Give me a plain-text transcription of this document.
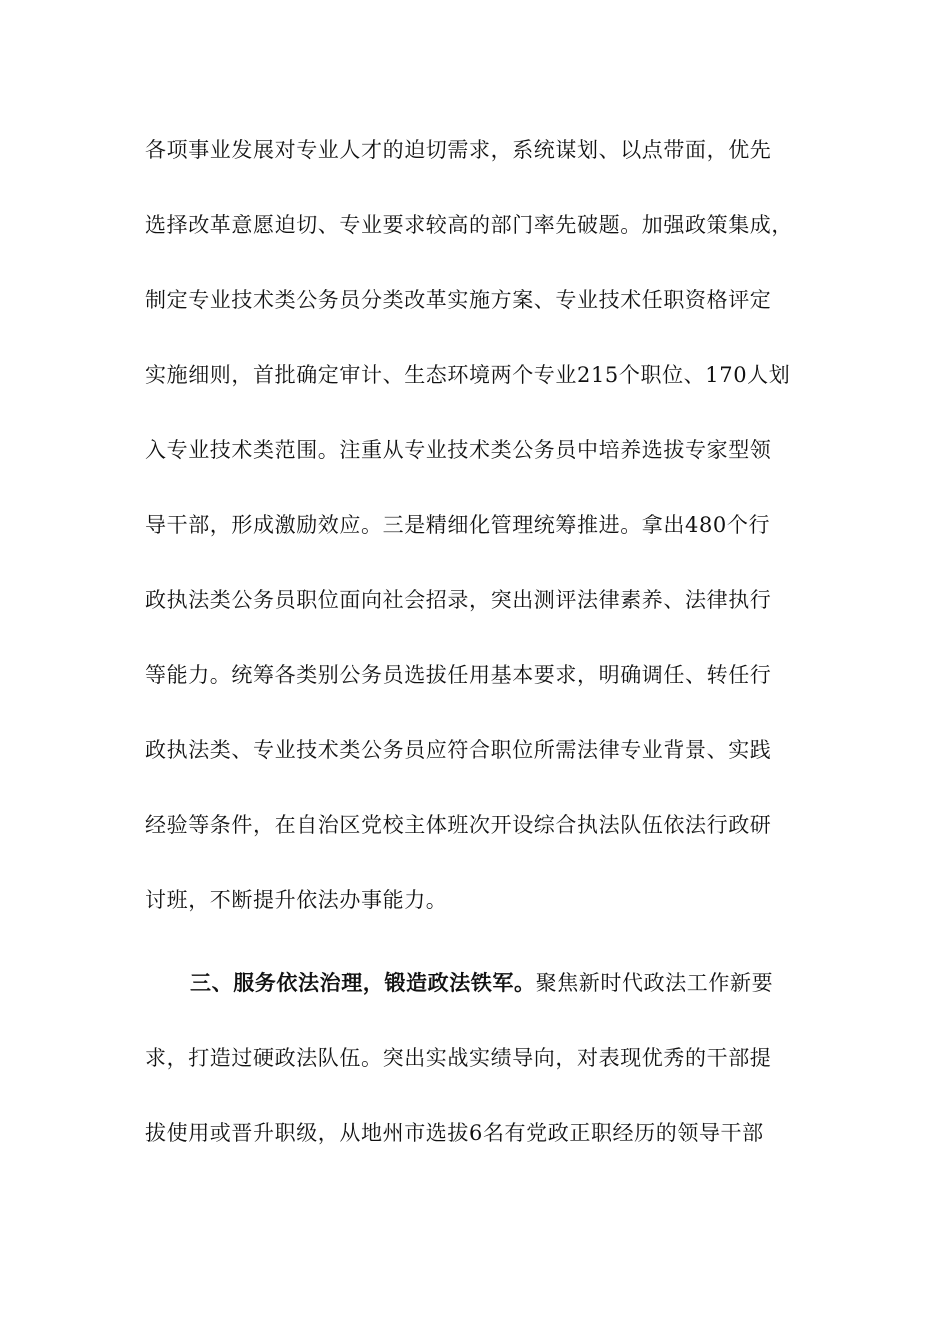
各项事业发展对专业人才的迫切需求，系统谋划、以点带面，优先
选择改革意愿迫切、专业要求较高的部门率先破题。加强政策集成，
制定专业技术类公务员分类改革实施方案、专业技术任职资格评定
实施细则，首批确定审计、生态环境两个专业215个职位、170人划
入专业技术类范围。注重从专业技术类公务员中培养选拔专家型领
导干部，形成激励效应。三是精细化管理统筹推进。拿出480个行
政执法类公务员职位面向社会招录，突出测评法律素养、法律执行
等能力。统筹各类别公务员选拔任用基本要求，明确调任、转任行
政执法类、专业技术类公务员应符合职位所需法律专业背景、实践
经验等条件，在自治区党校主体班次开设综合执法队伍依法行政研
讨班，不断提升依法办事能力。
三、服务依法治理，锻造政法铁军。聚焦新时代政法工作新要
求，打造过硬政法队伍。突出实战实绩导向，对表现优秀的干部提
拔使用或晋升职级，从地州市选拔6名有党政正职经历的领导干部
